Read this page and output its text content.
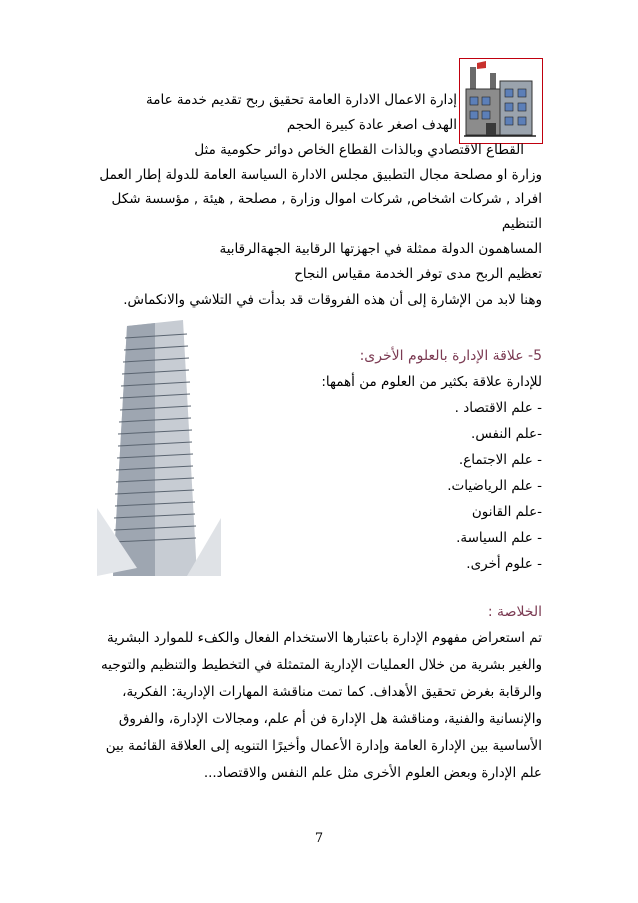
إدارة الاعمال الادارة العامة تحقيق ربح تقديم خدمة عامة
الهدف اصغر عادة كبيرة الحجم
القطاع الاقتصادي وبالذات القطاع الخاص دوائر حكومية مثل
وزارة او مصلحة مجال التطبيق مجلس الادارة السياسة العامة للدولة إطار العمل
افراد , شركات اشخاص, شركات اموال وزارة , مصلحة , هيئة , مؤسسة شكل
التنظيم
المساهمون الدولة ممثلة في اجهزتها الرقابية الجهةالرقابية
تعظيم الربح مدى توفر الخدمة مقياس النجاح
وهنا لابد من الإشارة إلى أن هذه الفروقات قد بدأت في التلاشي والانكماش.
5- علاقة الإدارة بالعلوم الأخرى:
للإدارة علاقة بكثير من العلوم من أهمها:
- علم الاقتصاد .
-علم النفس.
- علم الاجتماع.
- علم الرياضيات.
-علم القانون
- علم السياسة.
- علوم أخرى.
الخلاصة :
تم استعراض مفهوم الإدارة باعتبارها الاستخدام الفعال والكفء للموارد البشرية
والغير بشرية من خلال العمليات الإدارية المتمثلة في التخطيط والتنظيم والتوجيه
والرقابة بغرض تحقيق الأهداف. كما تمت مناقشة المهارات الإدارية: الفكرية،
والإنسانية والفنية، ومناقشة هل الإدارة فن أم علم، ومجالات الإدارة، والفروق
الأساسية بين الإدارة العامة وإدارة الأعمال وأخيرًا التنويه إلى العلاقة القائمة بين
علم الإدارة وبعض العلوم الأخرى مثل علم النفس والاقتصاد...
7
